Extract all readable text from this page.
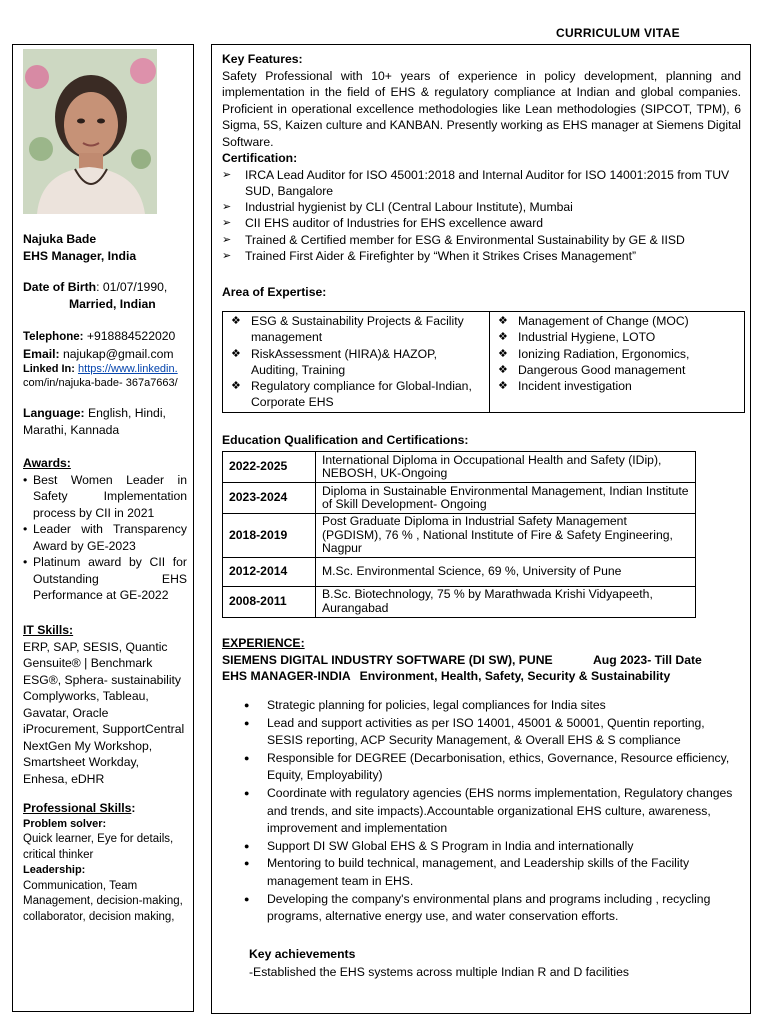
CURRICULUM VITAE
Najuka Bade
EHS Manager, India
Date of Birth: 01/07/1990,
Married, Indian
Telephone: +918884522020
Email: najukap@gmail.com
Linked In: https://www.linkedin.
com/in/najuka-bade- 367a7663/
Language: English, Hindi, Marathi, Kannada
Awards:
• Best Women Leader in Safety Implementation process by CII in 2021
• Leader with Transparency Award by GE-2023
• Platinum award by CII for Outstanding EHS Performance at GE-2022
IT Skills:
ERP, SAP, SESIS, Quantic Gensuite® | Benchmark ESG®, Sphera- sustainability Complyworks, Tableau, Gavatar, Oracle iProcurement, SupportCentral NextGen My Workshop, Smartsheet Workday, Enhesa, eDHR
Professional Skills:
Problem solver:
Quick learner, Eye for details, critical thinker
Leadership:
Communication, Team Management, decision-making, collaborator, decision making,
Key Features:
Safety Professional with 10+ years of experience in policy development, planning and implementation in the field of EHS & regulatory compliance at Indian and global companies. Proficient in operational excellence methodologies like Lean methodologies (SIPCOT, TPM), 6 Sigma, 5S, Kaizen culture and KANBAN. Presently working as EHS manager at Siemens Digital Software.
Certification:
➢ IRCA Lead Auditor for ISO 45001:2018 and Internal Auditor for ISO 14001:2015 from TUV SUD, Bangalore
➢ Industrial hygienist by CLI (Central Labour Institute), Mumbai
➢ CII EHS auditor of Industries for EHS excellence award
➢ Trained & Certified member for ESG & Environmental Sustainability by GE & IISD
➢ Trained First Aider & Firefighter by “When it Strikes Crises Management”
Area of Expertise:
❖ ESG & Sustainability Projects & Facility management
❖ RiskAssessment (HIRA)& HAZOP, Auditing, Training
❖ Regulatory compliance for Global-Indian, Corporate EHS

❖ Management of Change (MOC)
❖ Industrial Hygiene, LOTO
❖ Ionizing Radiation, Ergonomics,
❖ Dangerous Good management
❖ Incident investigation
Education Qualification and Certifications:
2022-2025	International Diploma in Occupational Health and Safety (IDip), NEBOSH, UK-Ongoing
2023-2024	Diploma in Sustainable Environmental Management, Indian Institute of Skill Development- Ongoing
2018-2019	Post Graduate Diploma in Industrial Safety Management (PGDISM), 76 % , National Institute of Fire & Safety Engineering, Nagpur
2012-2014	M.Sc. Environmental Science, 69 %, University of Pune
2008-2011	B.Sc. Biotechnology, 75 % by Marathwada Krishi Vidyapeeth, Aurangabad
EXPERIENCE:
SIEMENS DIGITAL INDUSTRY SOFTWARE (DI SW), PUNE	Aug 2023- Till Date
EHS MANAGER-INDIA Environment, Health, Safety, Security & Sustainability
● Strategic planning for policies, legal compliances for India sites
● Lead and support activities as per ISO 14001, 45001 & 50001, Quentin reporting, SESIS reporting, ACP Security Management, & Overall EHS & S compliance
● Responsible for DEGREE (Decarbonisation, ethics, Governance, Resource efficiency, Equity, Employability)
● Coordinate with regulatory agencies (EHS norms implementation, Regulatory changes and trends, and site impacts).Accountable organizational EHS culture, awareness, improvement and implementation
● Support DI SW Global EHS & S Program in India and internationally
● Mentoring to build technical, management, and Leadership skills of the Facility management team in EHS.
● Developing the company's environmental plans and programs including , recycling programs, alternative energy use, and water conservation efforts.
Key achievements
-Established the EHS systems across multiple Indian R and D facilities
